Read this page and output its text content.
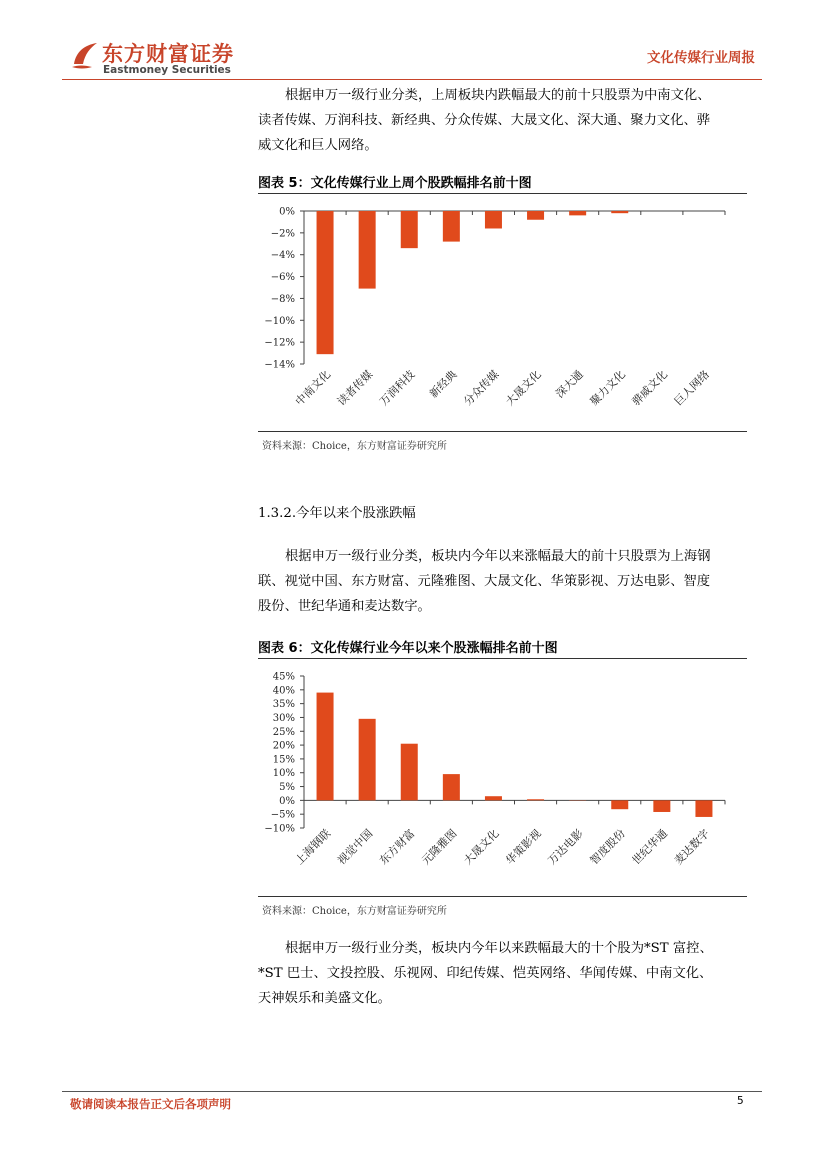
东方财富证券
Eastmoney Securities
文化传媒行业周报
根据申万一级行业分类，上周板块内跌幅最大的前十只股票为中南文化、
读者传媒、万润科技、新经典、分众传媒、大晟文化、深大通、聚力文化、骅
威文化和巨人网络。
图表 5：文化传媒行业上周个股跌幅排名前十图
0%
−2%
−4%
−6%
−8%
−10%
−12%
−14%
中南文化 读者传媒 万润科技 新经典 分众传媒 大晟文化 深大通 聚力文化 骅威文化 巨人网络
资料来源：Choice，东方财富证券研究所
1.3.2.今年以来个股涨跌幅
根据申万一级行业分类，板块内今年以来涨幅最大的前十只股票为上海钢
联、视觉中国、东方财富、元隆雅图、大晟文化、华策影视、万达电影、智度
股份、世纪华通和麦达数字。
图表 6：文化传媒行业今年以来个股涨幅排名前十图
45%
40%
35%
30%
25%
20%
15%
10%
5%
0%
−5%
−10%
上海钢联 视觉中国 东方财富 元隆雅图 大晟文化 华策影视 万达电影 智度股份 世纪华通 麦达数字
资料来源：Choice，东方财富证券研究所
根据申万一级行业分类，板块内今年以来跌幅最大的十个股为*ST 富控、
*ST 巴士、文投控股、乐视网、印纪传媒、恺英网络、华闻传媒、中南文化、
天神娱乐和美盛文化。
敬请阅读本报告正文后各项声明	5
